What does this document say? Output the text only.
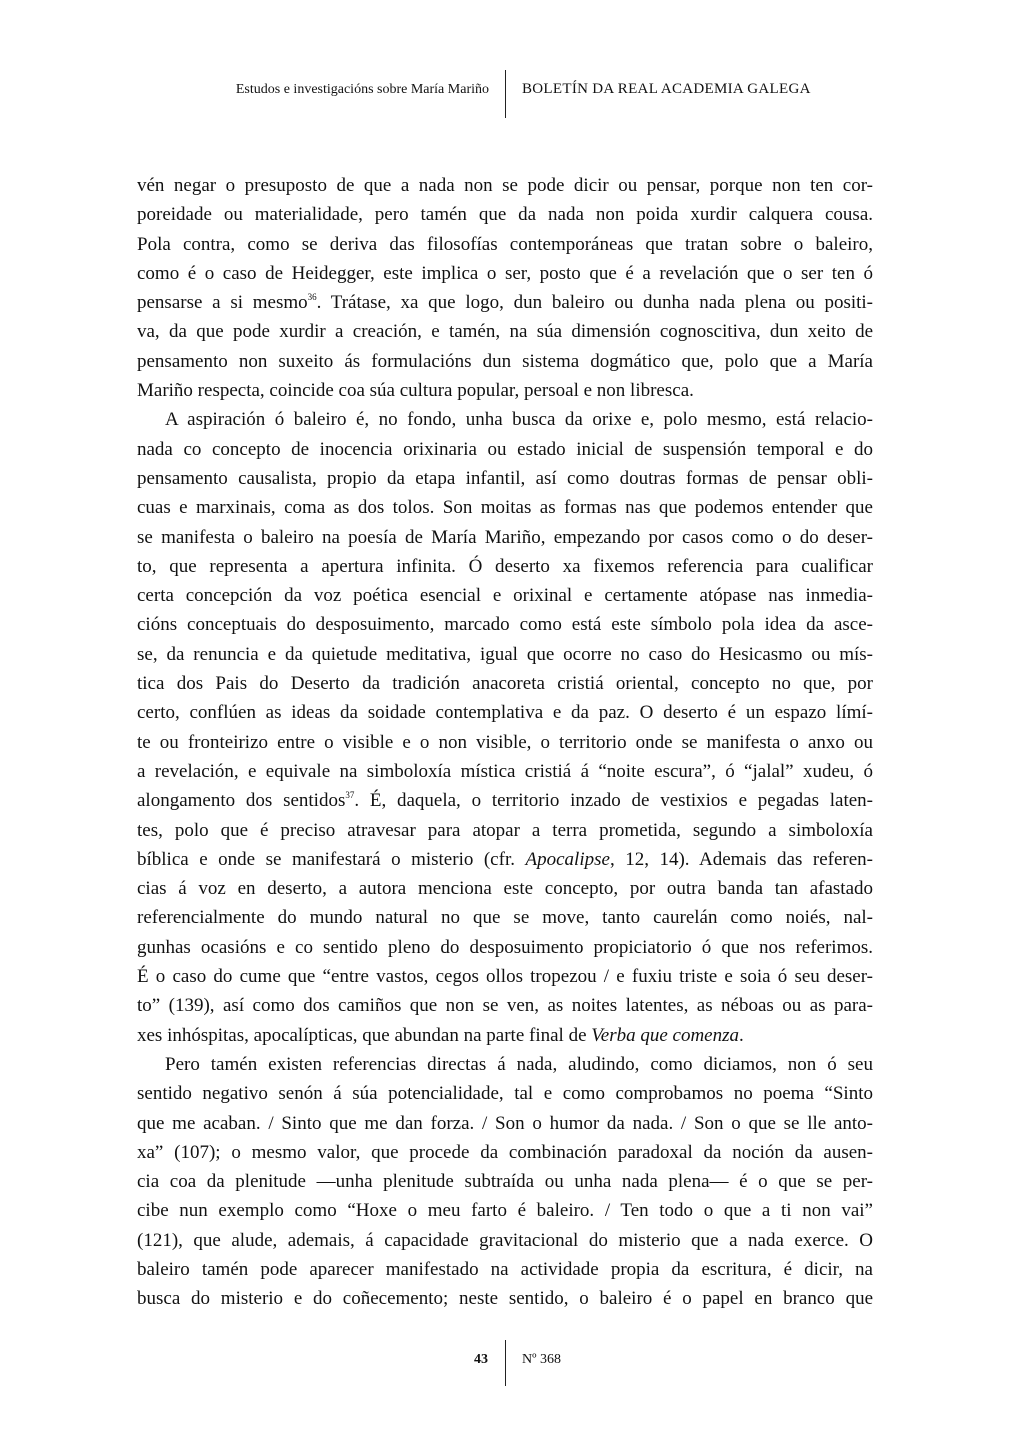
Estudos e investigacións sobre María Mariño BOLETÍN DA REAL ACADEMIA GALEGA
vén negar o presuposto de que a nada non se pode dicir ou pensar, porque non ten cor-
poreidade ou materialidade, pero tamén que da nada non poida xurdir calquera cousa.
Pola contra, como se deriva das filosofías contemporáneas que tratan sobre o baleiro,
como é o caso de Heidegger, este implica o ser, posto que é a revelación que o ser ten ó
pensarse a si mesmo$^{36}$. Trátase, xa que logo, dun baleiro ou dunha nada plena ou positi-
va, da que pode xurdir a creación, e tamén, na súa dimensión cognoscitiva, dun xeito de
pensamento non suxeito ás formulacións dun sistema dogmático que, polo que a María
Mariño respecta, coincide coa súa cultura popular, persoal e non libresca.
A aspiración ó baleiro é, no fondo, unha busca da orixe e, polo mesmo, está relacio-
nada co concepto de inocencia orixinaria ou estado inicial de suspensión temporal e do
pensamento causalista, propio da etapa infantil, así como doutras formas de pensar obli-
cuas e marxinais, coma as dos tolos. Son moitas as formas nas que podemos entender que
se manifesta o baleiro na poesía de María Mariño, empezando por casos como o do deser-
to, que representa a apertura infinita. Ó deserto xa fixemos referencia para cualificar
certa concepción da voz poética esencial e orixinal e certamente atópase nas inmedia-
cións conceptuais do desposuimento, marcado como está este símbolo pola idea da asce-
se, da renuncia e da quietude meditativa, igual que ocorre no caso do Hesicasmo ou mís-
tica dos Pais do Deserto da tradición anacoreta cristiá oriental, concepto no que, por
certo, conflúen as ideas da soidade contemplativa e da paz. O deserto é un espazo límí-
te ou fronteirizo entre o visible e o non visible, o territorio onde se manifesta o anxo ou
a revelación, e equivale na simboloxía mística cristiá á “noite escura”, ó “jalal” xudeu, ó
alongamento dos sentidos$^{37}$. É, daquela, o territorio inzado de vestixios e pegadas laten-
tes, polo que é preciso atravesar para atopar a terra prometida, segundo a simboloxía
bíblica e onde se manifestará o misterio (cfr. Apocalipse, 12, 14). Ademais das referen-
cias á voz en deserto, a autora menciona este concepto, por outra banda tan afastado
referencialmente do mundo natural no que se move, tanto caurelán como noiés, nal-
gunhas ocasións e co sentido pleno do desposuimento propiciatorio ó que nos referimos.
É o caso do cume que “entre vastos, cegos ollos tropezou / e fuxiu triste e soia ó seu deser-
to” (139), así como dos camiños que non se ven, as noites latentes, as néboas ou as para-
xes inhóspitas, apocalípticas, que abundan na parte final de Verba que comenza.
Pero tamén existen referencias directas á nada, aludindo, como diciamos, non ó seu
sentido negativo senón á súa potencialidade, tal e como comprobamos no poema “Sinto
que me acaban. / Sinto que me dan forza. / Son o humor da nada. / Son o que se lle anto-
xa” (107); o mesmo valor, que procede da combinación paradoxal da noción da ausen-
cia coa da plenitude —unha plenitude subtraída ou unha nada plena— é o que se per-
cibe nun exemplo como “Hoxe o meu farto é baleiro. / Ten todo o que a ti non vai”
(121), que alude, ademais, á capacidade gravitacional do misterio que a nada exerce. O
baleiro tamén pode aparecer manifestado na actividade propia da escritura, é dicir, na
busca do misterio e do coñecemento; neste sentido, o baleiro é o papel en branco que
43 Nº 368
